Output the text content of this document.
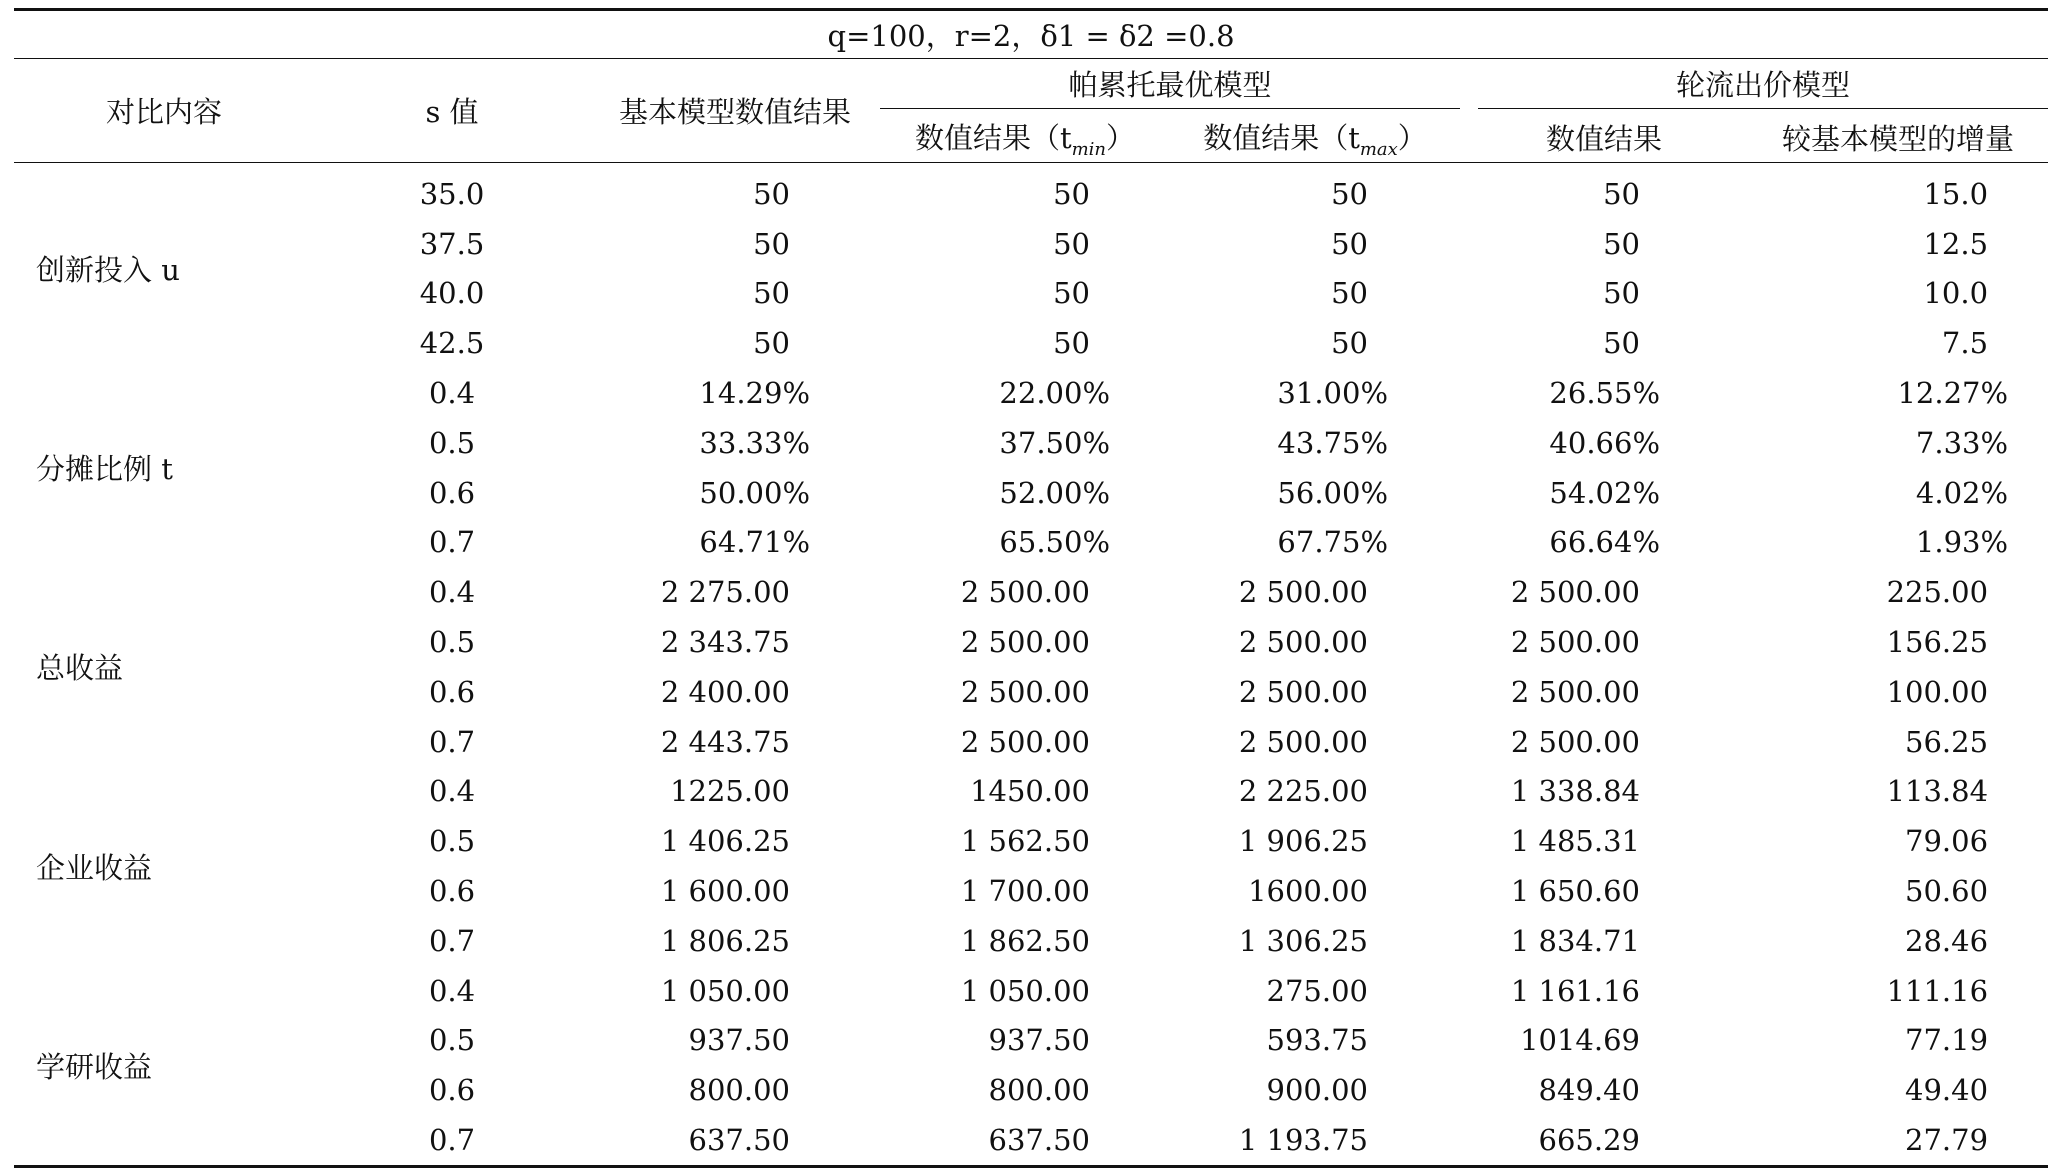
q=100，r=2，δ1 = δ2 =0.8						
对比内容	s 值	基本模型数值结果	帕累托最优模型		轮流出价模型	

			数值结果$(t_{min})$	数值结果$(t_{max})$	数值结果	较基本模型的增量
创新投入 u	35.0	50	50	50	50	15.0
	37.5	50	50	50	50	12.5
	40.0	50	50	50	50	10.0
	42.5	50	50	50	50	7.5
分摊比例 t	0.4	14.29%	22.00%	31.00%	26.55%	12.27%
	0.5	33.33%	37.50%	43.75%	40.66%	7.33%
	0.6	50.00%	52.00%	56.00%	54.02%	4.02%
	0.7	64.71%	65.50%	67.75%	66.64%	1.93%
总收益	0.4	2 275.00	2 500.00	2 500.00	2 500.00	225.00
	0.5	2 343.75	2 500.00	2 500.00	2 500.00	156.25
	0.6	2 400.00	2 500.00	2 500.00	2 500.00	100.00
	0.7	2 443.75	2 500.00	2 500.00	2 500.00	56.25
企业收益	0.4	1225.00	1450.00	2 225.00	1 338.84	113.84
	0.5	1 406.25	1 562.50	1 906.25	1 485.31	79.06
	0.6	1 600.00	1 700.00	1600.00	1 650.60	50.60
	0.7	1 806.25	1 862.50	1 306.25	1 834.71	28.46
学研收益	0.4	1 050.00	1 050.00	275.00	1 161.16	111.16
	0.5	937.50	937.50	593.75	1014.69	77.19
	0.6	800.00	800.00	900.00	849.40	49.40
	0.7	637.50	637.50	1 193.75	665.29	27.79
